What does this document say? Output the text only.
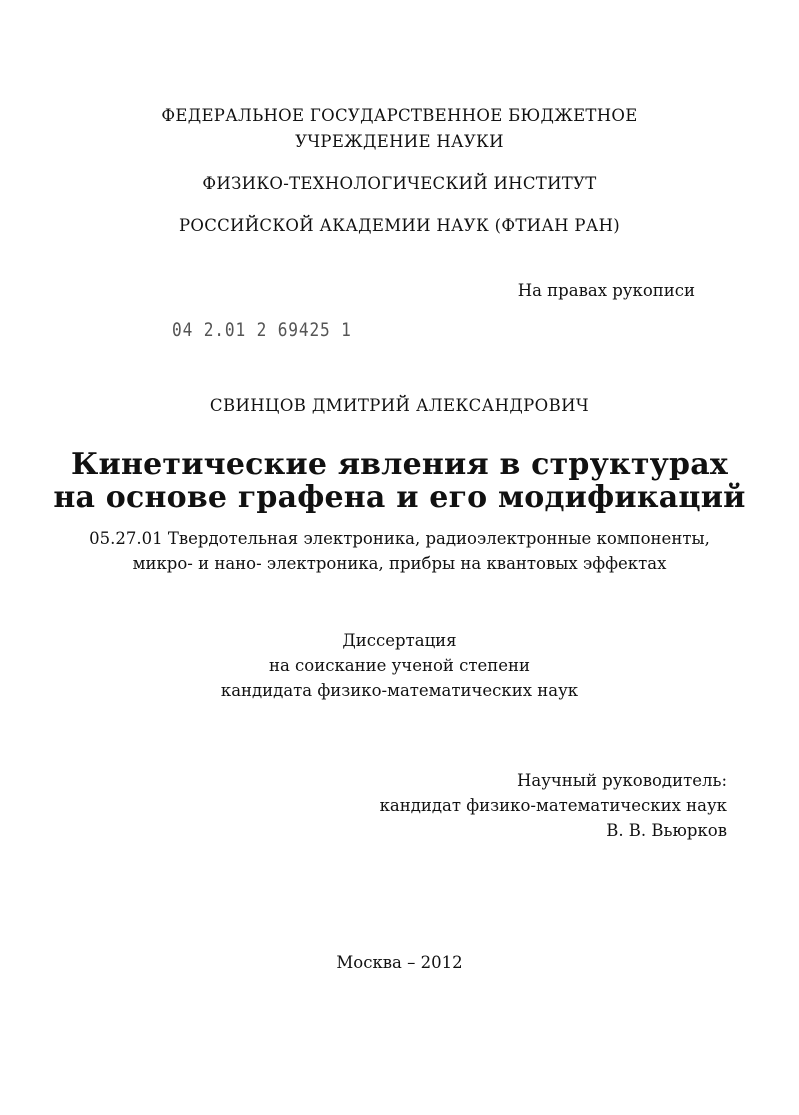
ФЕДЕРАЛЬНОЕ ГОСУДАРСТВЕННОЕ БЮДЖЕТНОЕ
УЧРЕЖДЕНИЕ НАУКИ
ФИЗИКО-ТЕХНОЛОГИЧЕСКИЙ ИНСТИТУТ
РОССИЙСКОЙ АКАДЕМИИ НАУК (ФТИАН РАН)
На правах рукописи
04 2.01 2 69425 1
СВИНЦОВ ДМИТРИЙ АЛЕКСАНДРОВИЧ
Кинетические явления в структурах
на основе графена и его модификаций
05.27.01 Твердотельная электроника, радиоэлектронные компоненты,
микро- и нано- электроника, прибры на квантовых эффектах
Диссертация
на соискание ученой степени
кандидата физико-математических наук
Научный руководитель:
кандидат физико-математических наук
В. В. Вьюрков
Москва – 2012
